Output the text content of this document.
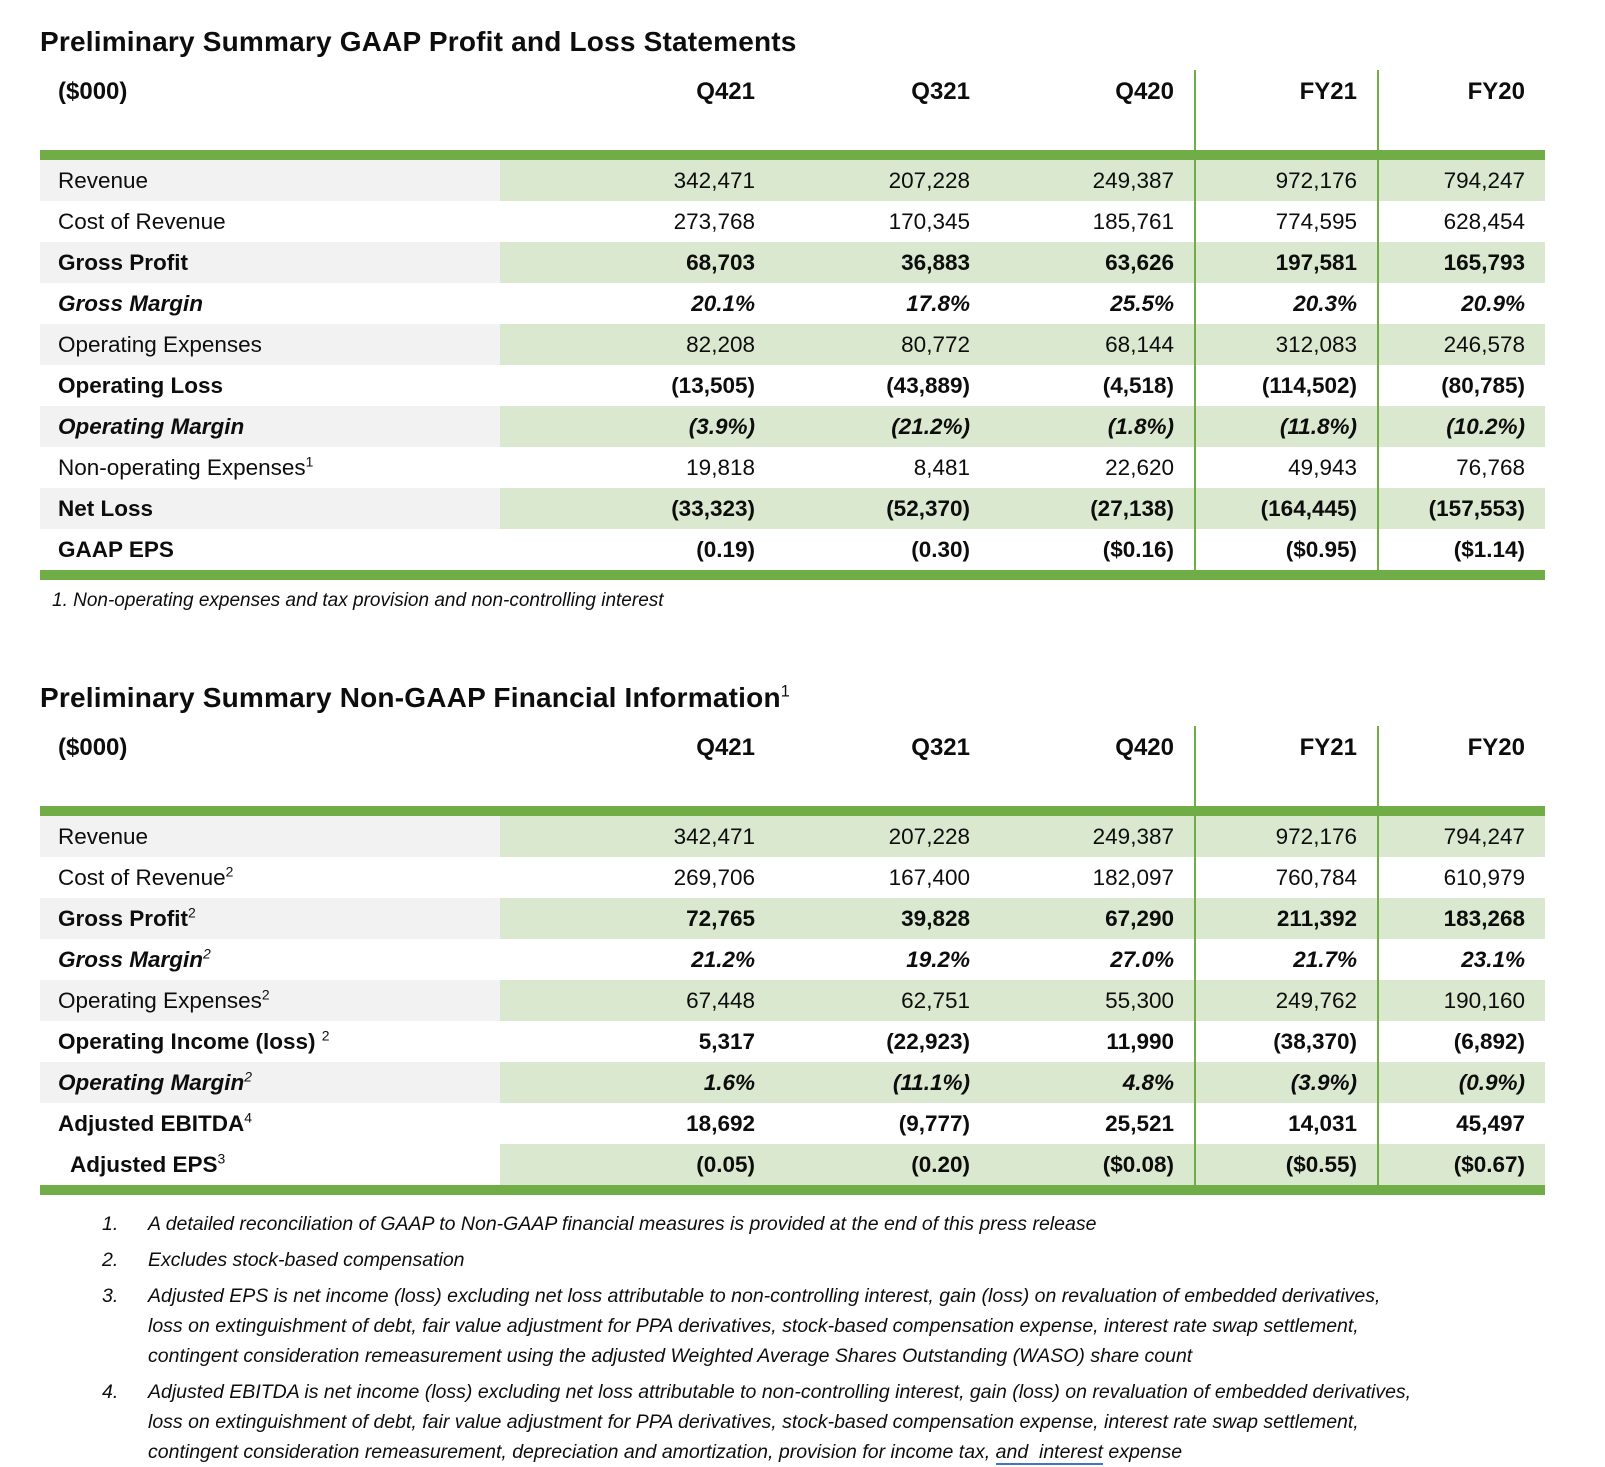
Preliminary Summary GAAP Profit and Loss Statements
($000)	Q421	Q321	Q420	FY21	FY20

Revenue	342,471	207,228	249,387	972,176	794,247
Cost of Revenue	273,768	170,345	185,761	774,595	628,454
Gross Profit	68,703	36,883	63,626	197,581	165,793
Gross Margin	20.1%	17.8%	25.5%	20.3%	20.9%
Operating Expenses	82,208	80,772	68,144	312,083	246,578
Operating Loss	(13,505)	(43,889)	(4,518)	(114,502)	(80,785)
Operating Margin	(3.9%)	(21.2%)	(1.8%)	(11.8%)	(10.2%)
Non-operating Expenses$^1$	19,818	8,481	22,620	49,943	76,768
Net Loss	(33,323)	(52,370)	(27,138)	(164,445)	(157,553)
GAAP EPS	(0.19)	(0.30)	($0.16)	($0.95)	($1.14)

1. Non-operating expenses and tax provision and non-controlling interest
Preliminary Summary Non-GAAP Financial Information$^1$
($000)	Q421	Q321	Q420	FY21	FY20

Revenue	342,471	207,228	249,387	972,176	794,247
Cost of Revenue$^2$	269,706	167,400	182,097	760,784	610,979
Gross Profit$^2$	72,765	39,828	67,290	211,392	183,268
Gross Margin$^2$	21.2%	19.2%	27.0%	21.7%	23.1%
Operating Expenses$^2$	67,448	62,751	55,300	249,762	190,160
Operating Income (loss) $^2$	5,317	(22,923)	11,990	(38,370)	(6,892)
Operating Margin$^2$	1.6%	(11.1%)	4.8%	(3.9%)	(0.9%)
Adjusted EBITDA$^4$	18,692	(9,777)	25,521	14,031	45,497
Adjusted EPS$^3$	(0.05)	(0.20)	($0.08)	($0.55)	($0.67)

1.	A detailed reconciliation of GAAP to Non-GAAP financial measures is provided at the end of this press release
2.	Excludes stock-based compensation
3.	Adjusted EPS is net income (loss) excluding net loss attributable to non-controlling interest, gain (loss) on revaluation of embedded derivatives, loss on extinguishment of debt, fair value adjustment for PPA derivatives, stock-based compensation expense, interest rate swap settlement, contingent consideration remeasurement using the adjusted Weighted Average Shares Outstanding (WASO) share count
4.	Adjusted EBITDA is net income (loss) excluding net loss attributable to non-controlling interest, gain (loss) on revaluation of embedded derivatives, loss on extinguishment of debt, fair value adjustment for PPA derivatives, stock-based compensation expense, interest rate swap settlement, contingent consideration remeasurement, depreciation and amortization, provision for income tax, and  interest expense
